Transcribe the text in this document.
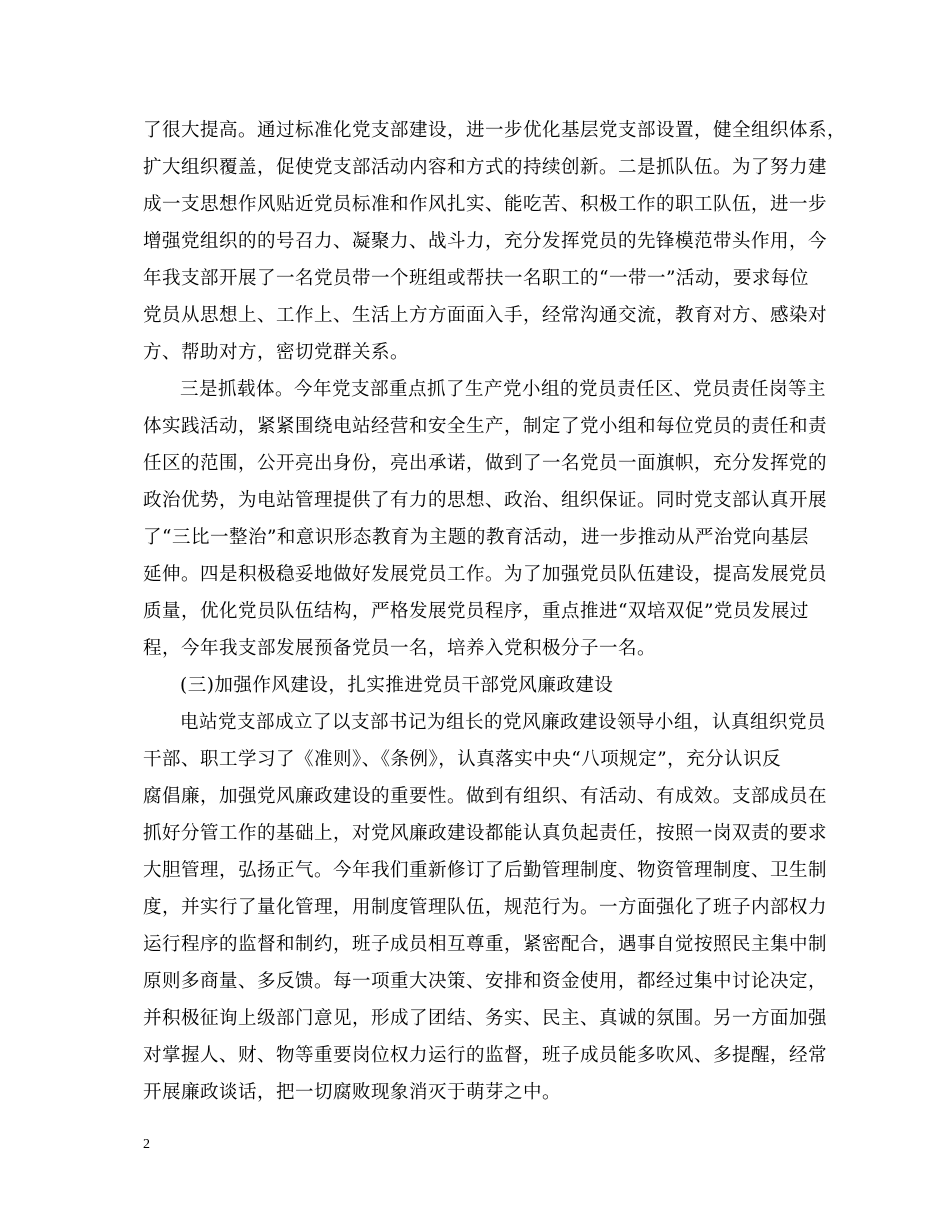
了很大提高。通过标准化党支部建设，进一步优化基层党支部设置，健全组织体系，
扩大组织覆盖，促使党支部活动内容和方式的持续创新。二是抓队伍。为了努力建
成一支思想作风贴近党员标准和作风扎实、能吃苦、积极工作的职工队伍，进一步
增强党组织的的号召力、凝聚力、战斗力，充分发挥党员的先锋模范带头作用，今
年我支部开展了一名党员带一个班组或帮扶一名职工的“一带一”活动，要求每位
党员从思想上、工作上、生活上方方面面入手，经常沟通交流，教育对方、感染对
方、帮助对方，密切党群关系。
三是抓载体。今年党支部重点抓了生产党小组的党员责任区、党员责任岗等主
体实践活动，紧紧围绕电站经营和安全生产，制定了党小组和每位党员的责任和责
任区的范围，公开亮出身份，亮出承诺，做到了一名党员一面旗帜，充分发挥党的
政治优势，为电站管理提供了有力的思想、政治、组织保证。同时党支部认真开展
了“三比一整治”和意识形态教育为主题的教育活动，进一步推动从严治党向基层
延伸。四是积极稳妥地做好发展党员工作。为了加强党员队伍建设，提高发展党员
质量，优化党员队伍结构，严格发展党员程序，重点推进“双培双促”党员发展过
程，今年我支部发展预备党员一名，培养入党积极分子一名。
(三)加强作风建设，扎实推进党员干部党风廉政建设
电站党支部成立了以支部书记为组长的党风廉政建设领导小组，认真组织党员
干部、职工学习了《准则》、《条例》，认真落实中央“八项规定”，充分认识反
腐倡廉，加强党风廉政建设的重要性。做到有组织、有活动、有成效。支部成员在
抓好分管工作的基础上，对党风廉政建设都能认真负起责任，按照一岗双责的要求
大胆管理，弘扬正气。今年我们重新修订了后勤管理制度、物资管理制度、卫生制
度，并实行了量化管理，用制度管理队伍，规范行为。一方面强化了班子内部权力
运行程序的监督和制约，班子成员相互尊重，紧密配合，遇事自觉按照民主集中制
原则多商量、多反馈。每一项重大决策、安排和资金使用，都经过集中讨论决定，
并积极征询上级部门意见，形成了团结、务实、民主、真诚的氛围。另一方面加强
对掌握人、财、物等重要岗位权力运行的监督，班子成员能多吹风、多提醒，经常
开展廉政谈话，把一切腐败现象消灭于萌芽之中。
2
